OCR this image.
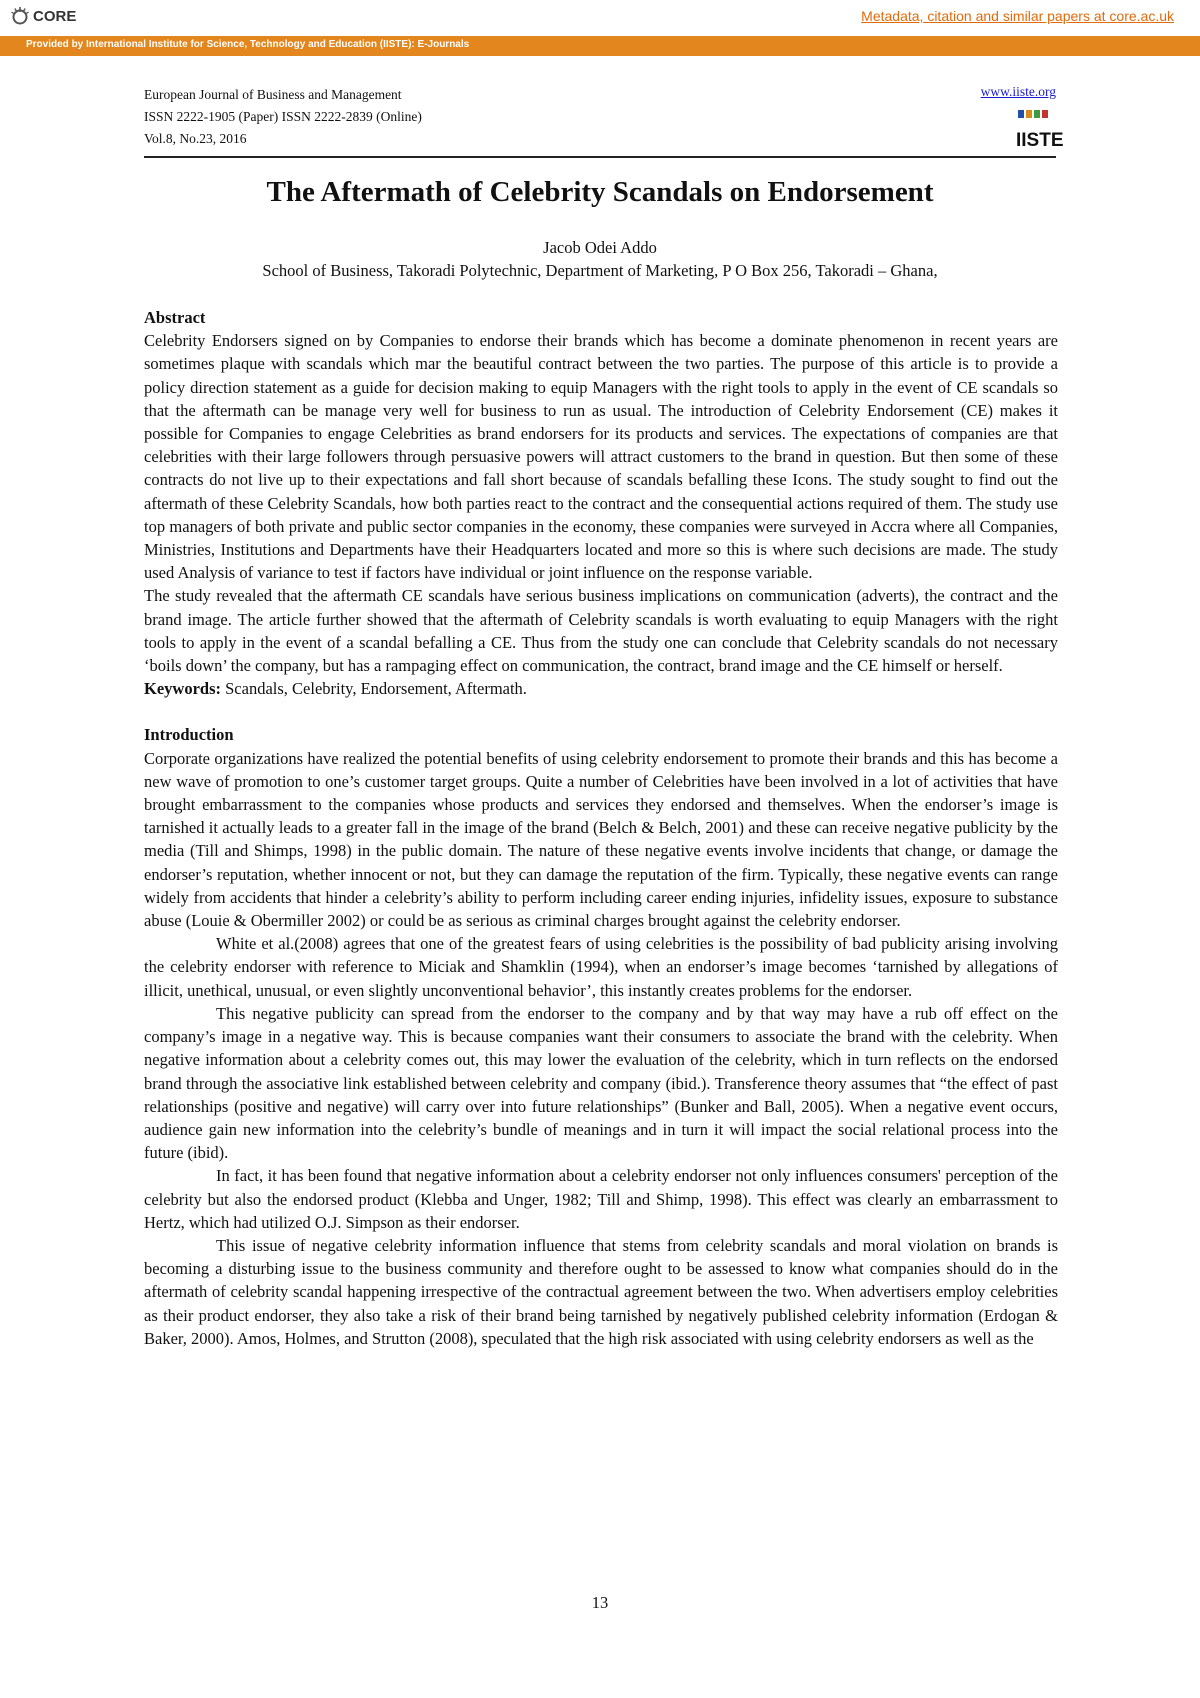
CORE	Metadata, citation and similar papers at core.ac.uk
Provided by International Institute for Science, Technology and Education (IISTE): E-Journals
European Journal of Business and Management
ISSN 2222-1905 (Paper) ISSN 2222-2839 (Online)
Vol.8, No.23, 2016
www.iiste.org
IISTE
The Aftermath of Celebrity Scandals on Endorsement
Jacob Odei Addo
School of Business, Takoradi Polytechnic, Department of Marketing, P O Box 256, Takoradi – Ghana,

Abstract

Celebrity Endorsers signed on by Companies to endorse their brands which has become a dominate phenomenon in recent years are sometimes plaque with scandals which mar the beautiful contract between the two parties. The purpose of this article is to provide a policy direction statement as a guide for decision making to equip Managers with the right tools to apply in the event of CE scandals so that the aftermath can be manage very well for business to run as usual. The introduction of Celebrity Endorsement (CE) makes it possible for Companies to engage Celebrities as brand endorsers for its products and services. The expectations of companies are that celebrities with their large followers through persuasive powers will attract customers to the brand in question. But then some of these contracts do not live up to their expectations and fall short because of scandals befalling these Icons. The study sought to find out the aftermath of these Celebrity Scandals, how both parties react to the contract and the consequential actions required of them. The study use top managers of both private and public sector companies in the economy, these companies were surveyed in Accra where all Companies, Ministries, Institutions and Departments have their Headquarters located and more so this is where such decisions are made. The study used Analysis of variance to test if factors have individual or joint influence on the response variable.

The study revealed that the aftermath CE scandals have serious business implications on communication (adverts), the contract and the brand image. The article further showed that the aftermath of Celebrity scandals is worth evaluating to equip Managers with the right tools to apply in the event of a scandal befalling a CE. Thus from the study one can conclude that Celebrity scandals do not necessary ‘boils down’ the company, but has a rampaging effect on communication, the contract, brand image and the CE himself or herself.

Keywords: Scandals, Celebrity, Endorsement, Aftermath.

Introduction

Corporate organizations have realized the potential benefits of using celebrity endorsement to promote their brands and this has become a new wave of promotion to one’s customer target groups. Quite a number of Celebrities have been involved in a lot of activities that have brought embarrassment to the companies whose products and services they endorsed and themselves. When the endorser’s image is tarnished it actually leads to a greater fall in the image of the brand (Belch & Belch, 2001) and these can receive negative publicity by the media (Till and Shimps, 1998) in the public domain. The nature of these negative events involve incidents that change, or damage the endorser’s reputation, whether innocent or not, but they can damage the reputation of the firm. Typically, these negative events can range widely from accidents that hinder a celebrity’s ability to perform including career ending injuries, infidelity issues, exposure to substance abuse (Louie & Obermiller 2002) or could be as serious as criminal charges brought against the celebrity endorser.

White et al.(2008) agrees that one of the greatest fears of using celebrities is the possibility of bad publicity arising involving the celebrity endorser with reference to Miciak and Shamklin (1994), when an endorser’s image becomes ‘tarnished by allegations of illicit, unethical, unusual, or even slightly unconventional behavior’, this instantly creates problems for the endorser.

This negative publicity can spread from the endorser to the company and by that way may have a rub off effect on the company’s image in a negative way. This is because companies want their consumers to associate the brand with the celebrity. When negative information about a celebrity comes out, this may lower the evaluation of the celebrity, which in turn reflects on the endorsed brand through the associative link established between celebrity and company (ibid.). Transference theory assumes that “the effect of past relationships (positive and negative) will carry over into future relationships” (Bunker and Ball, 2005). When a negative event occurs, audience gain new information into the celebrity’s bundle of meanings and in turn it will impact the social relational process into the future (ibid).

In fact, it has been found that negative information about a celebrity endorser not only influences consumers' perception of the celebrity but also the endorsed product (Klebba and Unger, 1982; Till and Shimp, 1998). This effect was clearly an embarrassment to Hertz, which had utilized O.J. Simpson as their endorser.

This issue of negative celebrity information influence that stems from celebrity scandals and moral violation on brands is becoming a disturbing issue to the business community and therefore ought to be assessed to know what companies should do in the aftermath of celebrity scandal happening irrespective of the contractual agreement between the two. When advertisers employ celebrities as their product endorser, they also take a risk of their brand being tarnished by negatively published celebrity information (Erdogan & Baker, 2000). Amos, Holmes, and Strutton (2008), speculated that the high risk associated with using celebrity endorsers as well as the

13
